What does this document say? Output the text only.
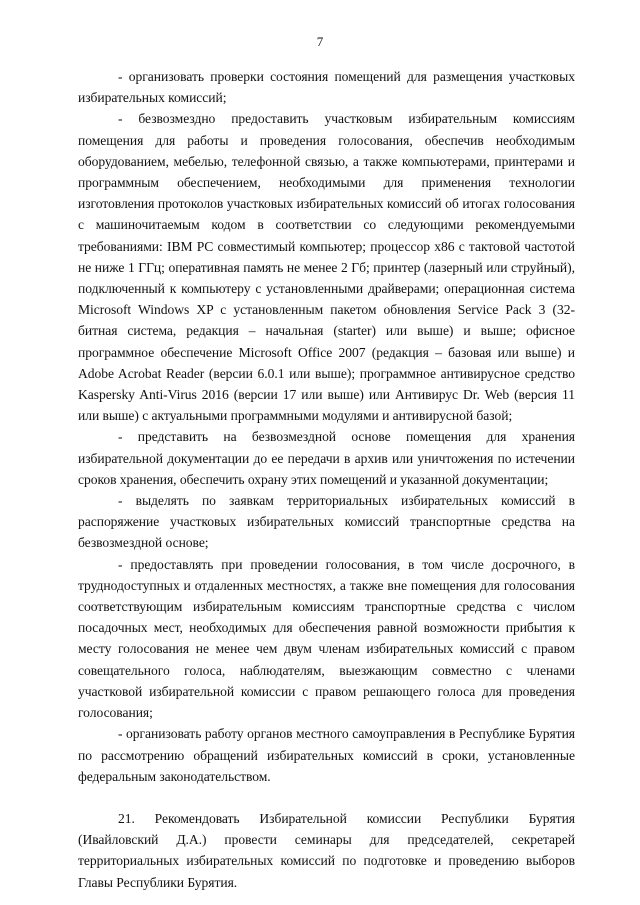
7

- организовать проверки состояния помещений для размещения участковых избирательных комиссий;

- безвозмездно предоставить участковым избирательным комиссиям помещения для работы и проведения голосования, обеспечив необходимым оборудованием, мебелью, телефонной связью, а также компьютерами, принтерами и программным обеспечением, необходимыми для применения технологии изготовления протоколов участковых избирательных комиссий об итогах голосования с машиночитаемым кодом в соответствии со следующими рекомендуемыми требованиями: IBM PC совместимый компьютер; процессор x86 с тактовой частотой не ниже 1 ГГц; оперативная память не менее 2 Гб; принтер (лазерный или струйный), подключенный к компьютеру с установленными драйверами; операционная система Microsoft Windows XP с установленным пакетом обновления Service Pack 3 (32-битная система, редакция – начальная (starter) или выше) и выше; офисное программное обеспечение Microsoft Office 2007 (редакция – базовая или выше) и Adobe Acrobat Reader (версии 6.0.1 или выше); программное антивирусное средство Kaspersky Anti-Virus 2016 (версии 17 или выше) или Антивирус Dr. Web (версия 11 или выше) с актуальными программными модулями и антивирусной базой;

- представить на безвозмездной основе помещения для хранения избирательной документации до ее передачи в архив или уничтожения по истечении сроков хранения, обеспечить охрану этих помещений и указанной документации;

- выделять по заявкам территориальных избирательных комиссий в распоряжение участковых избирательных комиссий транспортные средства на безвозмездной основе;

- предоставлять при проведении голосования, в том числе досрочного, в труднодоступных и отдаленных местностях, а также вне помещения для голосования соответствующим избирательным комиссиям транспортные средства с числом посадочных мест, необходимых для обеспечения равной возможности прибытия к месту голосования не менее чем двум членам избирательных комиссий с правом совещательного голоса, наблюдателям, выезжающим совместно с членами участковой избирательной комиссии с правом решающего голоса для проведения голосования;

- организовать работу органов местного самоуправления в Республике Бурятия по рассмотрению обращений избирательных комиссий в сроки, установленные федеральным законодательством.

21. Рекомендовать Избирательной комиссии Республики Бурятия (Ивайловский Д.А.) провести семинары для председателей, секретарей территориальных избирательных комиссий по подготовке и проведению выборов Главы Республики Бурятия.
